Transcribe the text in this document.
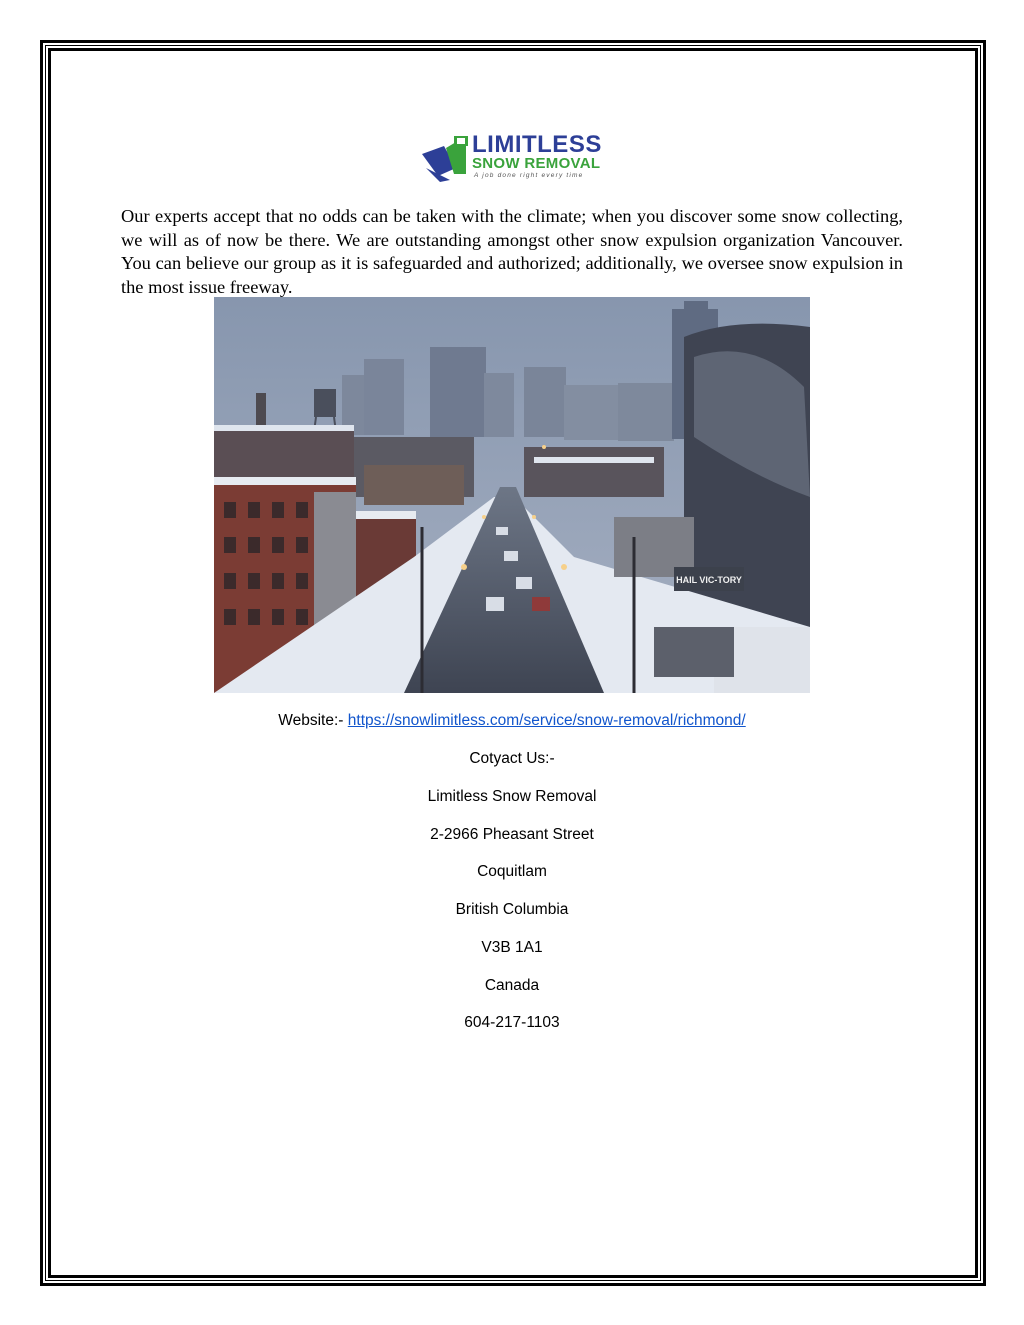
LIMITLESS
SNOW REMOVAL
A job done right every time
Our experts accept that no odds can be taken with the climate; when you discover some snow collecting, we will as of now be there. We are outstanding amongst other snow expulsion organization Vancouver. You can believe our group as it is safeguarded and authorized; additionally, we oversee snow expulsion in the most issue freeway.
HAIL VIC-TORY
Website:- https://snowlimitless.com/service/snow-removal/richmond/
Cotyact Us:-
Limitless Snow Removal
2-2966 Pheasant Street
Coquitlam
British Columbia
V3B 1A1
Canada
604-217-1103
